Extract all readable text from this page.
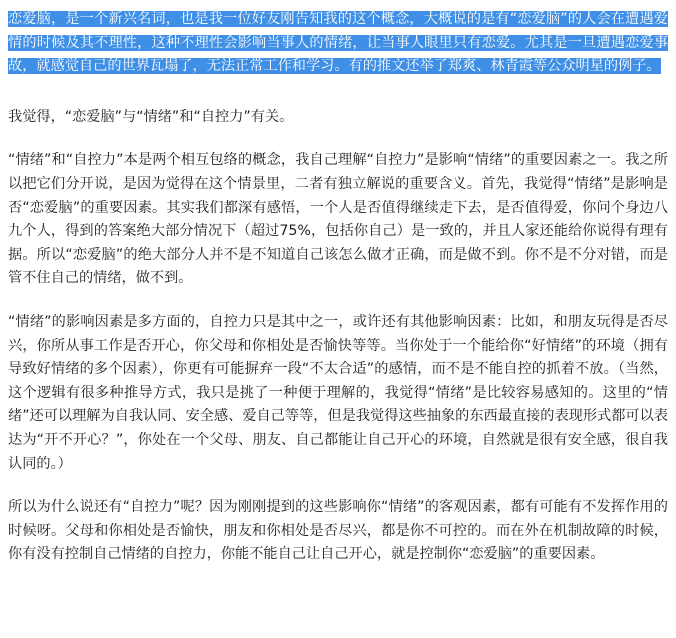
恋爱脑，是一个新兴名词，也是我一位好友刚告知我的这个概念，大概说的是有“恋爱脑”的人会在遭遇爱情的时候及其不理性，这种不理性会影响当事人的情绪，让当事人眼里只有恋爱。尤其是一旦遭遇恋爱事故，就感觉自己的世界瓦塌了，无法正常工作和学习。有的推文还举了郑爽、林青霞等公众明星的例子。

我觉得，“恋爱脑”与“情绪”和“自控力”有关。

“情绪”和“自控力”本是两个相互包络的概念，我自己理解“自控力”是影响“情绪”的重要因素之一。我之所以把它们分开说，是因为觉得在这个情景里，二者有独立解说的重要含义。首先，我觉得“情绪”是影响是否“恋爱脑”的重要因素。其实我们都深有感悟，一个人是否值得继续走下去，是否值得爱，你问个身边八九个人，得到的答案绝大部分情况下（超过75%，包括你自己）是一致的，并且人家还能给你说得有理有据。所以“恋爱脑”的绝大部分人并不是不知道自己该怎么做才正确，而是做不到。你不是不分对错，而是管不住自己的情绪，做不到。

“情绪”的影响因素是多方面的，自控力只是其中之一，或许还有其他影响因素：比如，和朋友玩得是否尽兴，你所从事工作是否开心，你父母和你相处是否愉快等等。当你处于一个能给你“好情绪”的环境（拥有导致好情绪的多个因素），你更有可能摒弃一段“不太合适”的感情，而不是不能自控的抓着不放。（当然，这个逻辑有很多种推导方式，我只是挑了一种便于理解的，我觉得“情绪”是比较容易感知的。这里的“情绪”还可以理解为自我认同、安全感、爱自己等等，但是我觉得这些抽象的东西最直接的表现形式都可以表达为“开不开心？”，你处在一个父母、朋友、自己都能让自己开心的环境，自然就是很有安全感，很自我认同的。）

所以为什么说还有“自控力”呢？因为刚刚提到的这些影响你“情绪”的客观因素，都有可能有不发挥作用的时候呀。父母和你相处是否愉快，朋友和你相处是否尽兴，都是你不可控的。而在外在机制故障的时候，你有没有控制自己情绪的自控力，你能不能自己让自己开心，就是控制你“恋爱脑”的重要因素。
